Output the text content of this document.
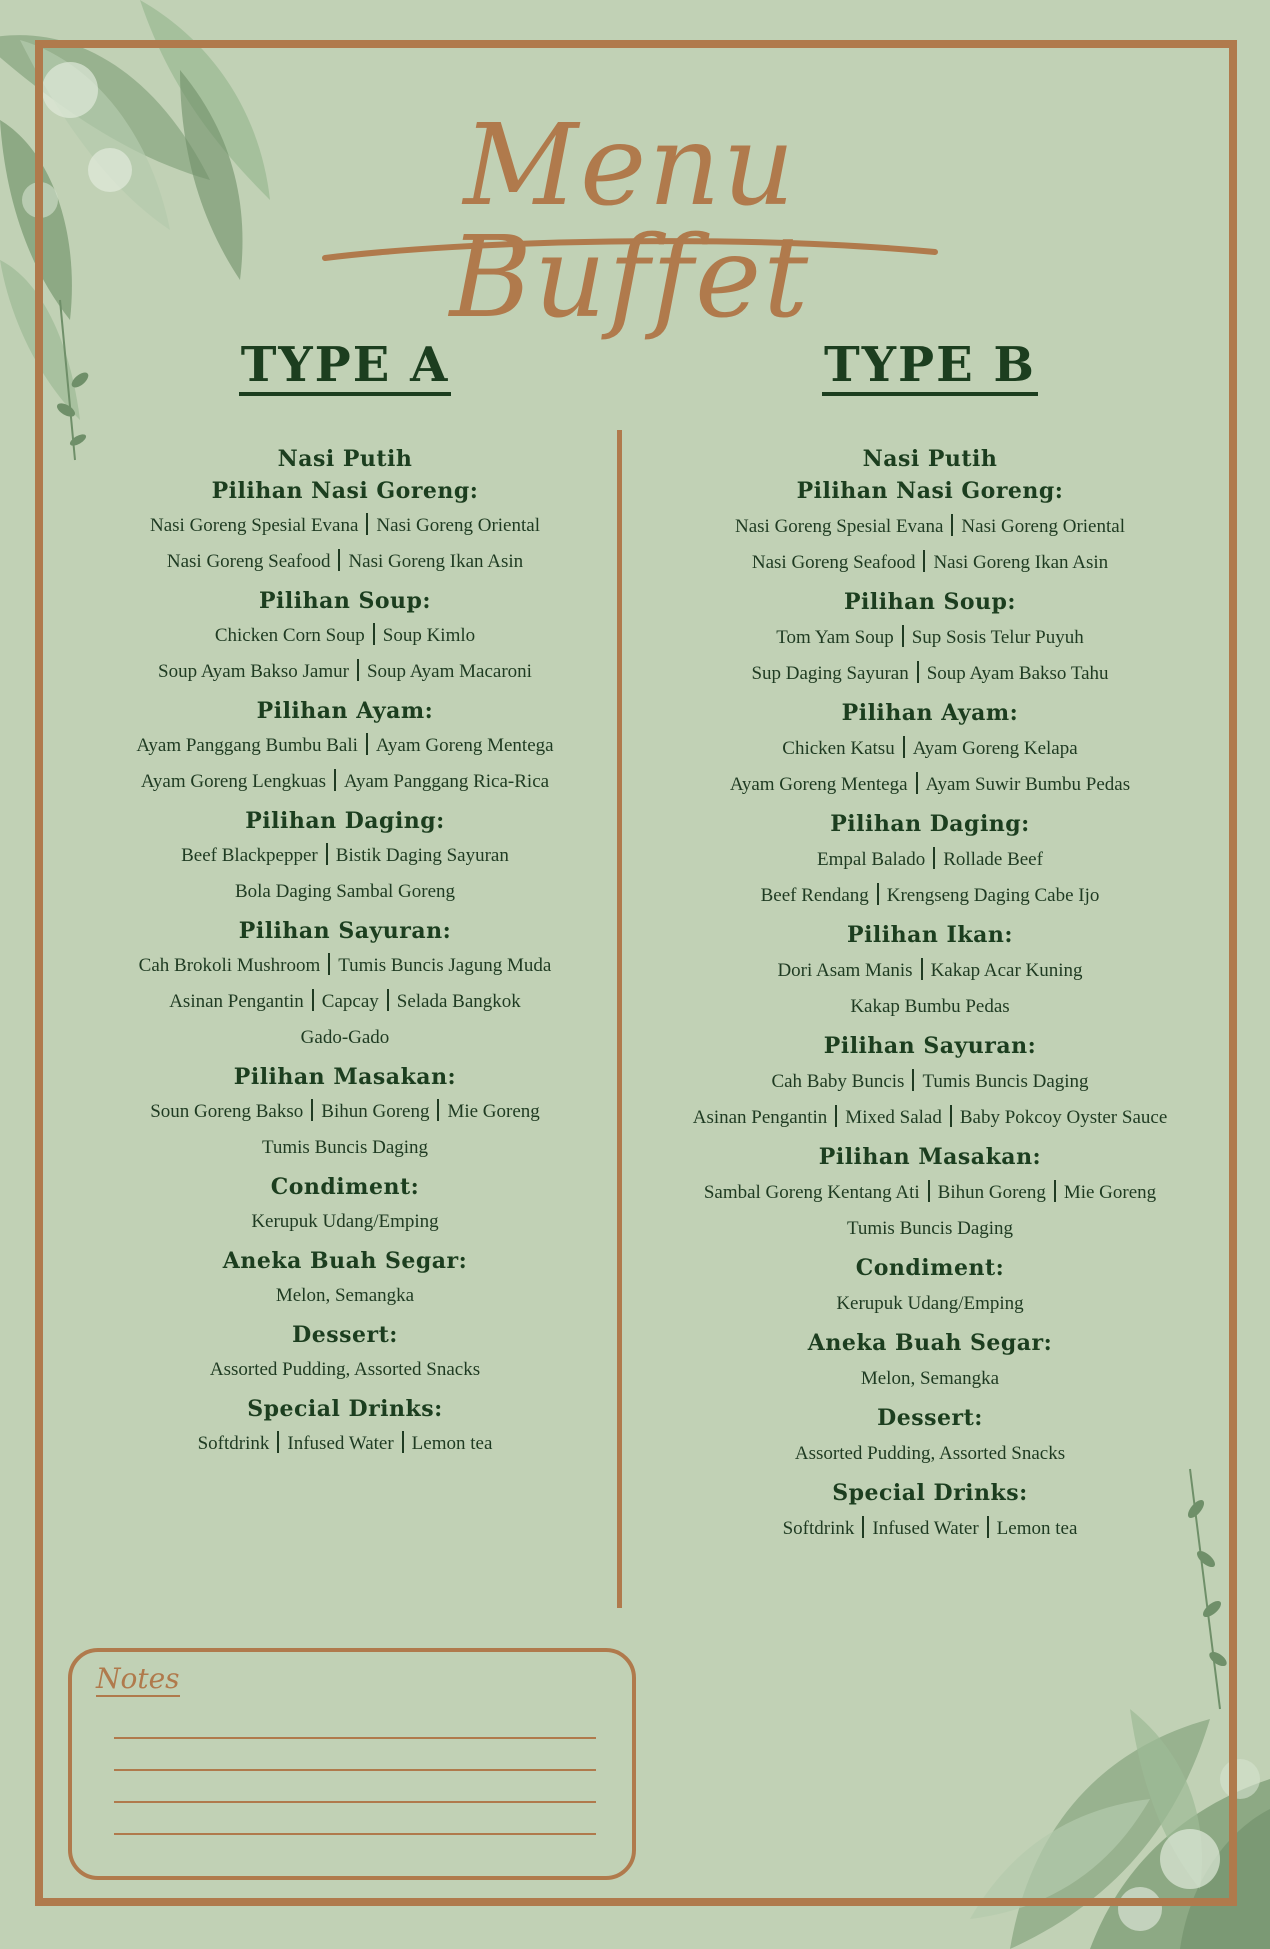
Menu Buffet
TYPE A
Nasi Putih
Pilihan Nasi Goreng:
Nasi Goreng Spesial Evana Nasi Goreng Oriental
Nasi Goreng Seafood Nasi Goreng Ikan Asin
Pilihan Soup:
Chicken Corn Soup Soup Kimlo
Soup Ayam Bakso Jamur Soup Ayam Macaroni
Pilihan Ayam:
Ayam Panggang Bumbu Bali Ayam Goreng Mentega
Ayam Goreng Lengkuas Ayam Panggang Rica-Rica
Pilihan Daging:
Beef Blackpepper Bistik Daging Sayuran
Bola Daging Sambal Goreng
Pilihan Sayuran:
Cah Brokoli Mushroom Tumis Buncis Jagung Muda
Asinan Pengantin Capcay Selada Bangkok
Gado-Gado
Pilihan Masakan:
Soun Goreng Bakso Bihun Goreng Mie Goreng
Tumis Buncis Daging
Condiment:
Kerupuk Udang/Emping
Aneka Buah Segar:
Melon, Semangka
Dessert:
Assorted Pudding, Assorted Snacks
Special Drinks:
Softdrink Infused Water Lemon tea
TYPE B
Nasi Putih
Pilihan Nasi Goreng:
Nasi Goreng Spesial Evana Nasi Goreng Oriental
Nasi Goreng Seafood Nasi Goreng Ikan Asin
Pilihan Soup:
Tom Yam Soup Sup Sosis Telur Puyuh
Sup Daging Sayuran Soup Ayam Bakso Tahu
Pilihan Ayam:
Chicken Katsu Ayam Goreng Kelapa
Ayam Goreng Mentega Ayam Suwir Bumbu Pedas
Pilihan Daging:
Empal Balado Rollade Beef
Beef Rendang Krengseng Daging Cabe Ijo
Pilihan Ikan:
Dori Asam Manis Kakap Acar Kuning
Kakap Bumbu Pedas
Pilihan Sayuran:
Cah Baby Buncis Tumis Buncis Daging
Asinan Pengantin Mixed Salad Baby Pokcoy Oyster Sauce
Pilihan Masakan:
Sambal Goreng Kentang Ati Bihun Goreng Mie Goreng
Tumis Buncis Daging
Condiment:
Kerupuk Udang/Emping
Aneka Buah Segar:
Melon, Semangka
Dessert:
Assorted Pudding, Assorted Snacks
Special Drinks:
Softdrink Infused Water Lemon tea
Notes
